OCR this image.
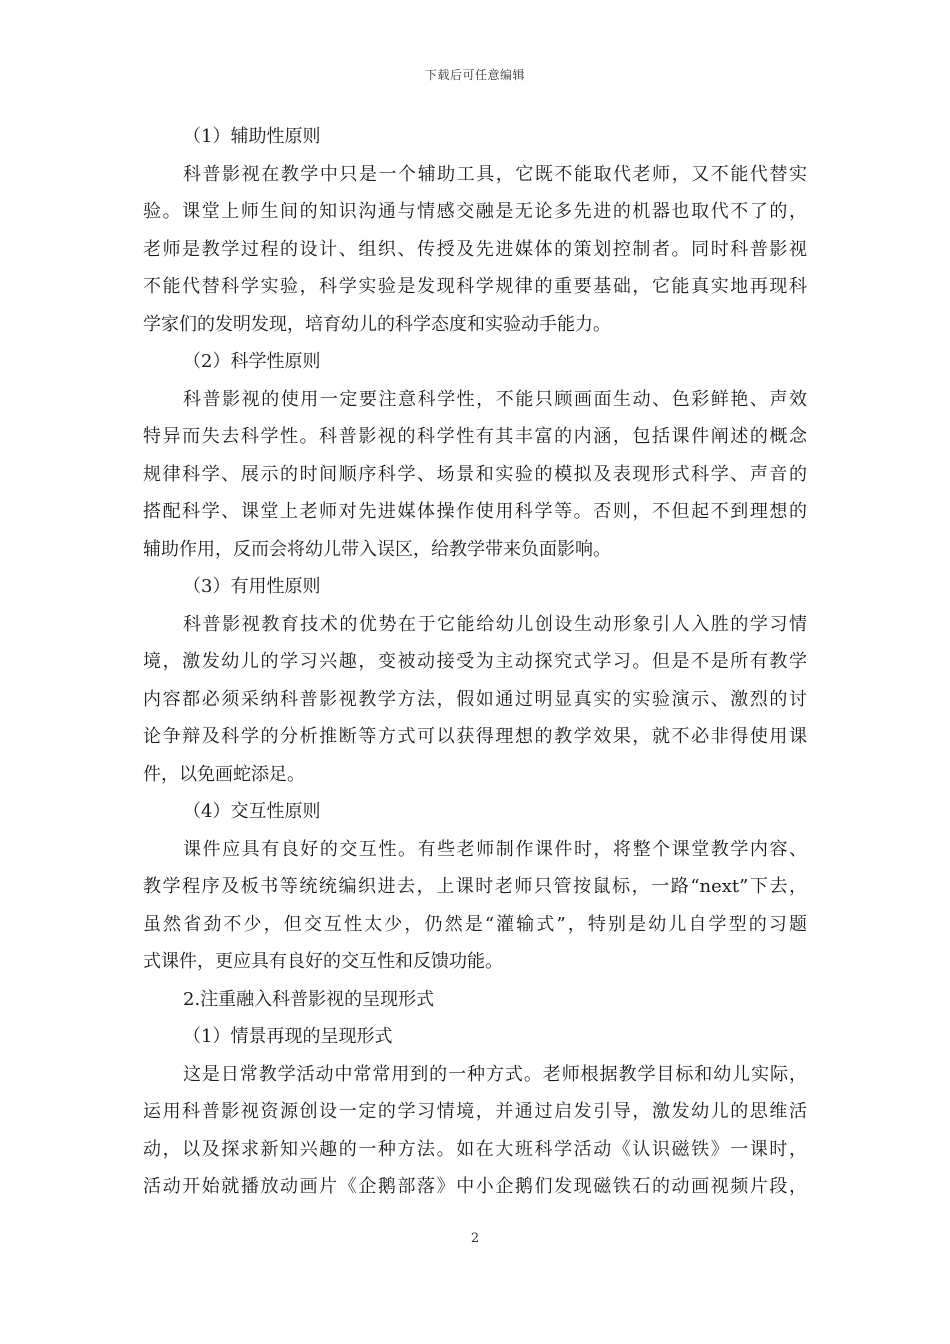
下载后可任意编辑
（1）辅助性原则
科普影视在教学中只是一个辅助工具，它既不能取代老师，又不能代替实
验。课堂上师生间的知识沟通与情感交融是无论多先进的机器也取代不了的，
老师是教学过程的设计、组织、传授及先进媒体的策划控制者。同时科普影视
不能代替科学实验，科学实验是发现科学规律的重要基础，它能真实地再现科
学家们的发明发现，培育幼儿的科学态度和实验动手能力。
（2）科学性原则
科普影视的使用一定要注意科学性，不能只顾画面生动、色彩鲜艳、声效
特异而失去科学性。科普影视的科学性有其丰富的内涵，包括课件阐述的概念
规律科学、展示的时间顺序科学、场景和实验的模拟及表现形式科学、声音的
搭配科学、课堂上老师对先进媒体操作使用科学等。否则，不但起不到理想的
辅助作用，反而会将幼儿带入误区，给教学带来负面影响。
（3）有用性原则
科普影视教育技术的优势在于它能给幼儿创设生动形象引人入胜的学习情
境，激发幼儿的学习兴趣，变被动接受为主动探究式学习。但是不是所有教学
内容都必须采纳科普影视教学方法，假如通过明显真实的实验演示、激烈的讨
论争辩及科学的分析推断等方式可以获得理想的教学效果，就不必非得使用课
件，以免画蛇添足。
（4）交互性原则
课件应具有良好的交互性。有些老师制作课件时，将整个课堂教学内容、
教学程序及板书等统统编织进去，上课时老师只管按鼠标，一路“next”下去，
虽然省劲不少，但交互性太少，仍然是“灌输式”，特别是幼儿自学型的习题
式课件，更应具有良好的交互性和反馈功能。
2.注重融入科普影视的呈现形式
（1）情景再现的呈现形式
这是日常教学活动中常常用到的一种方式。老师根据教学目标和幼儿实际，
运用科普影视资源创设一定的学习情境，并通过启发引导，激发幼儿的思维活
动，以及探求新知兴趣的一种方法。如在大班科学活动《认识磁铁》一课时，
活动开始就播放动画片《企鹅部落》中小企鹅们发现磁铁石的动画视频片段，
2
